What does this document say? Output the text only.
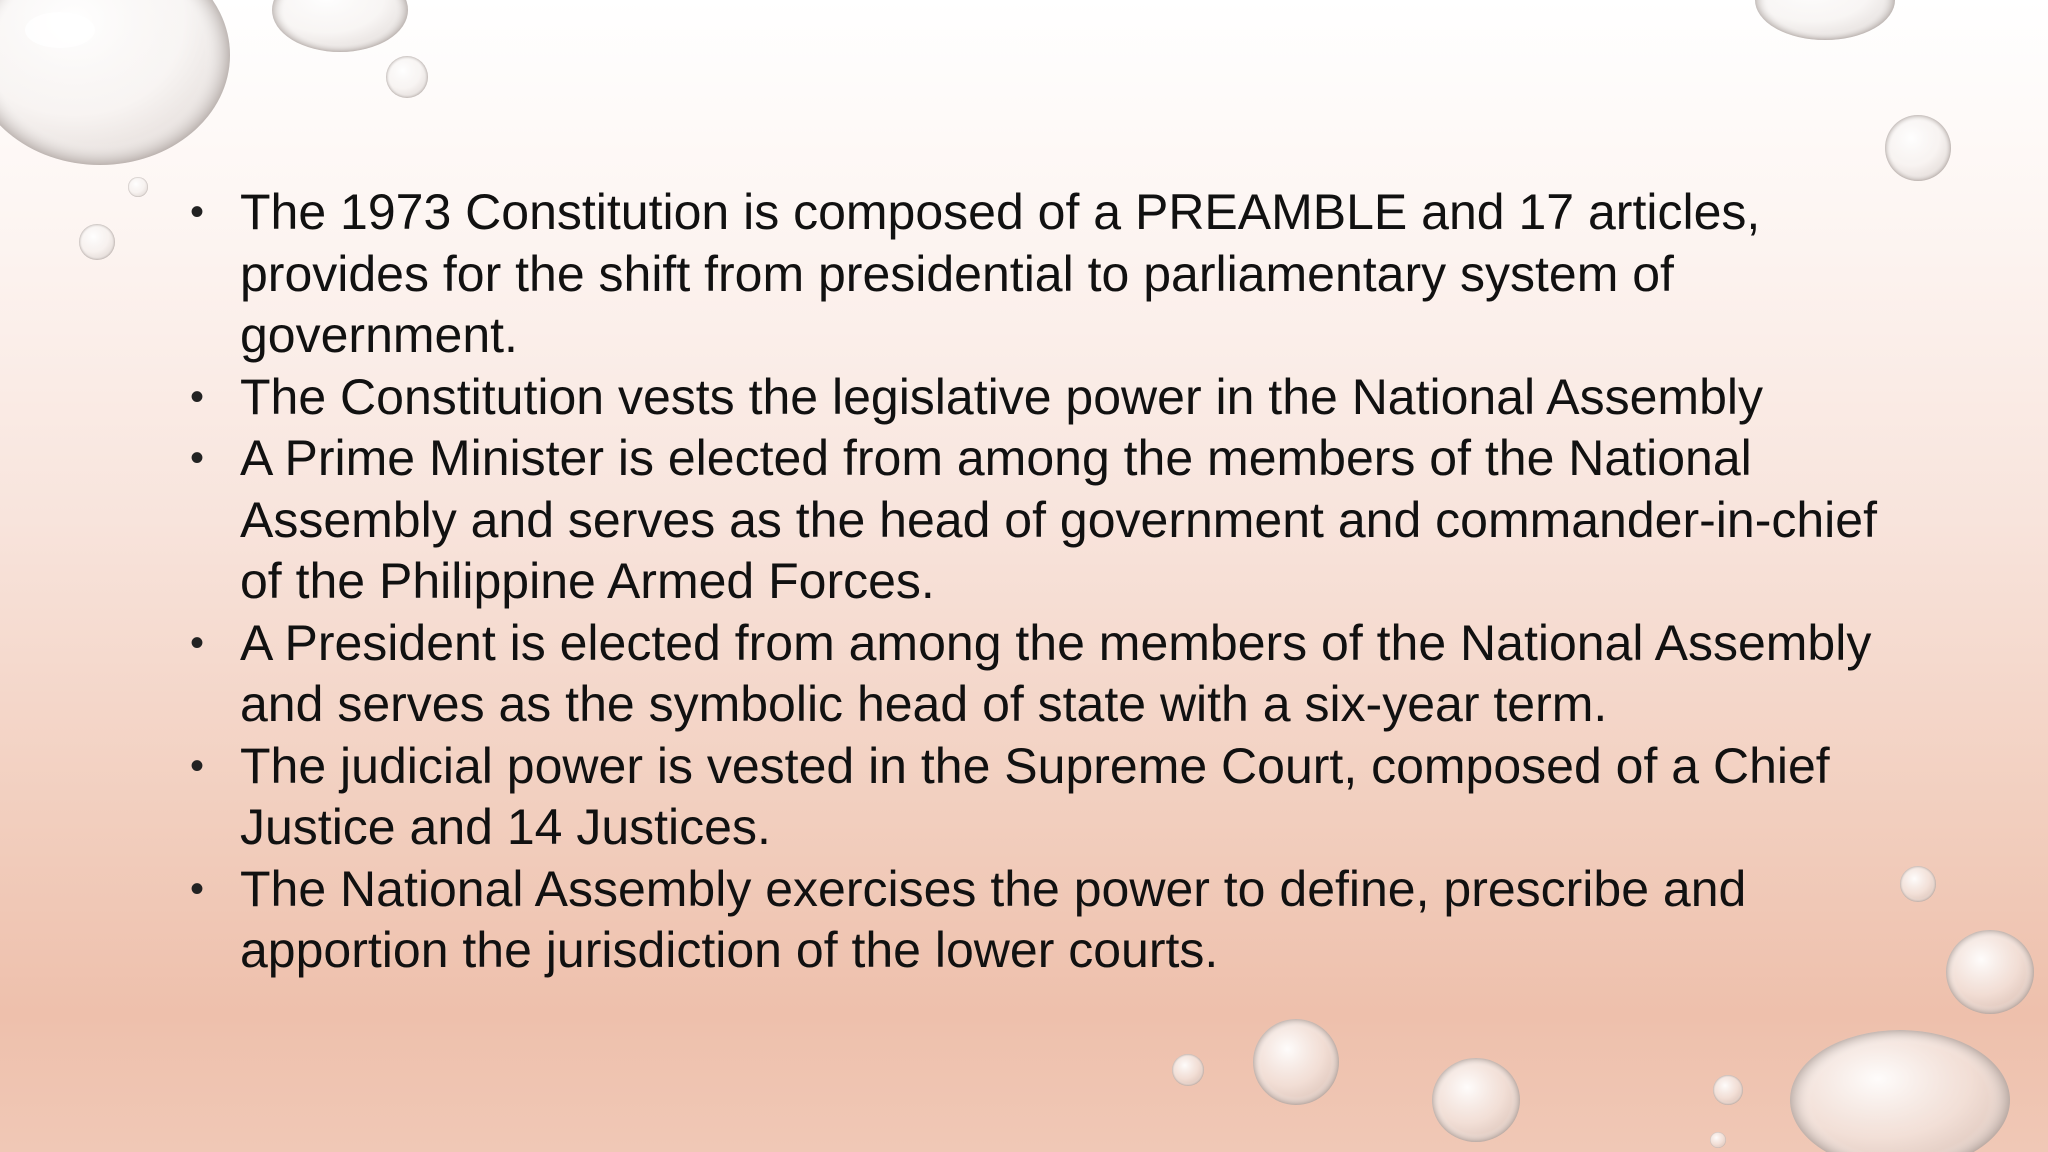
• The 1973 Constitution is composed of a PREAMBLE and 17 articles, provides for the shift from presidential to parliamentary system of government.
• The Constitution vests the legislative power in the National Assembly
• A Prime Minister is elected from among the members of the National Assembly and serves as the head of government and commander-in-chief of the Philippine Armed Forces.
• A President is elected from among the members of the National Assembly and serves as the symbolic head of state with a six-year term.
• The judicial power is vested in the Supreme Court, composed of a Chief Justice and 14 Justices.
• The National Assembly exercises the power to define, prescribe and apportion the jurisdiction of the lower courts.
